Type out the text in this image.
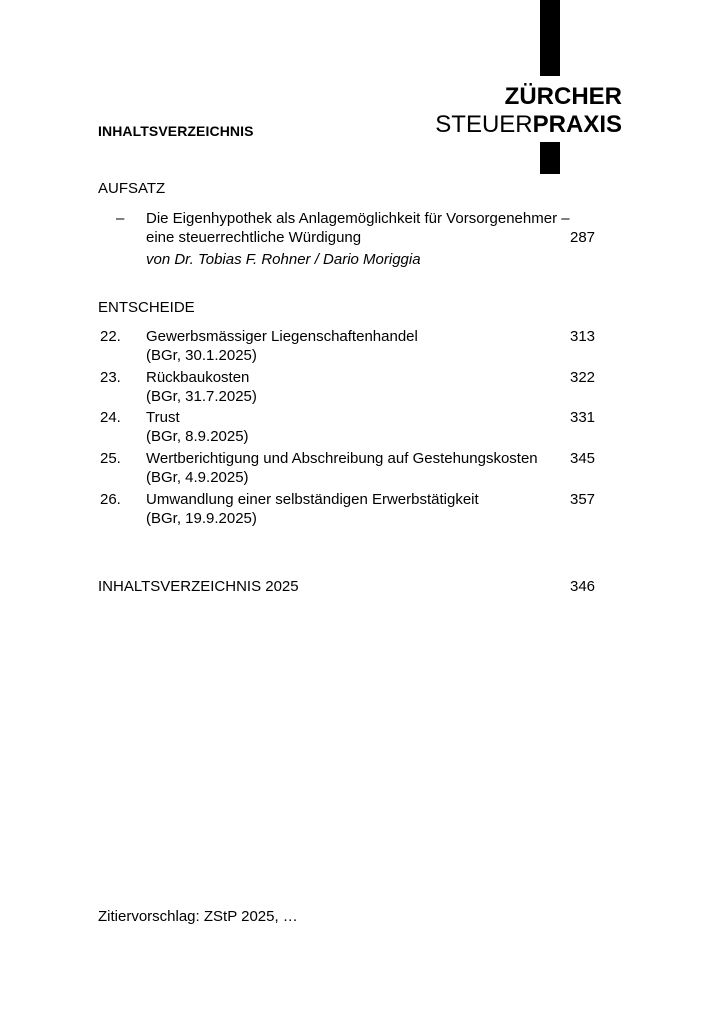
ZÜRCHER
STEUERPRAXIS
INHALTSVERZEICHNIS
AUFSATZ
– Die Eigenhypothek als Anlagemöglichkeit für Vorsorgenehmer –
eine steuerrechtliche Würdigung	287
von Dr. Tobias F. Rohner / Dario Moriggia
ENTSCHEIDE
22. Gewerbsmässiger Liegenschaftenhandel	313
(BGr, 30.1.2025)
23. Rückbaukosten	322
(BGr, 31.7.2025)
24. Trust	331
(BGr, 8.9.2025)
25. Wertberichtigung und Abschreibung auf Gestehungskosten 345
(BGr, 4.9.2025)
26. Umwandlung einer selbständigen Erwerbstätigkeit	357
(BGr, 19.9.2025)
INHALTSVERZEICHNIS 2025	346
Zitiervorschlag: ZStP 2025, …
